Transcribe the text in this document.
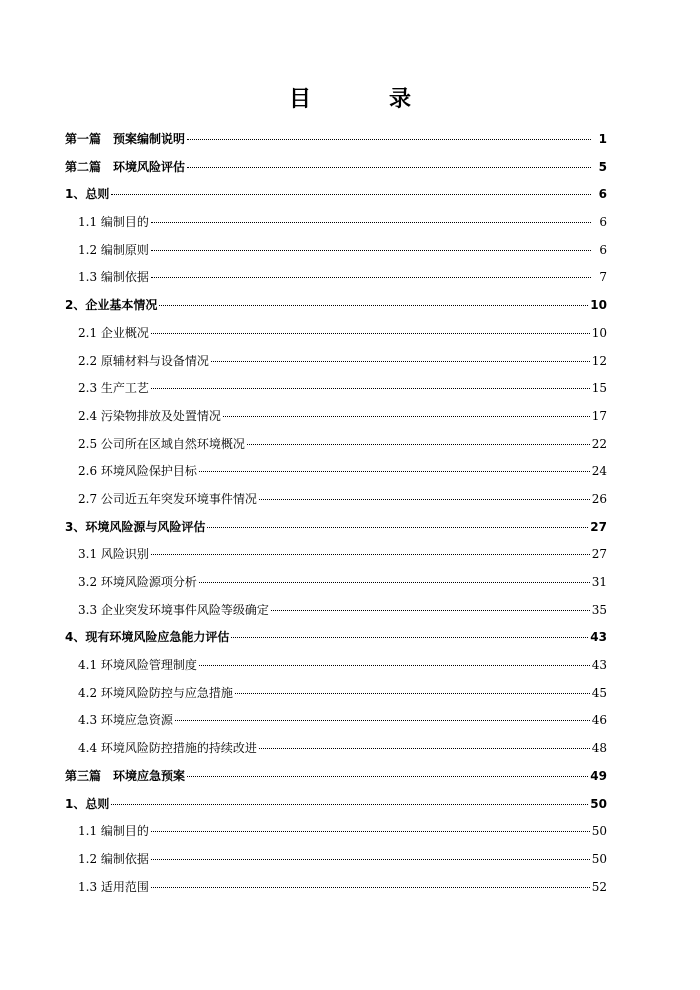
目　录
第一篇　预案编制说明	1
第二篇　环境风险评估	5
1、总则	6
1.1 编制目的	6
1.2 编制原则	6
1.3 编制依据	7
2、企业基本情况	10
2.1 企业概况	10
2.2 原辅材料与设备情况	12
2.3 生产工艺	15
2.4 污染物排放及处置情况	17
2.5 公司所在区域自然环境概况	22
2.6 环境风险保护目标	24
2.7 公司近五年突发环境事件情况	26
3、环境风险源与风险评估	27
3.1 风险识别	27
3.2 环境风险源项分析	31
3.3 企业突发环境事件风险等级确定	35
4、现有环境风险应急能力评估	43
4.1 环境风险管理制度	43
4.2 环境风险防控与应急措施	45
4.3 环境应急资源	46
4.4 环境风险防控措施的持续改进	48
第三篇　环境应急预案	49
1、总则	50
1.1 编制目的	50
1.2 编制依据	50
1.3 适用范围	52
